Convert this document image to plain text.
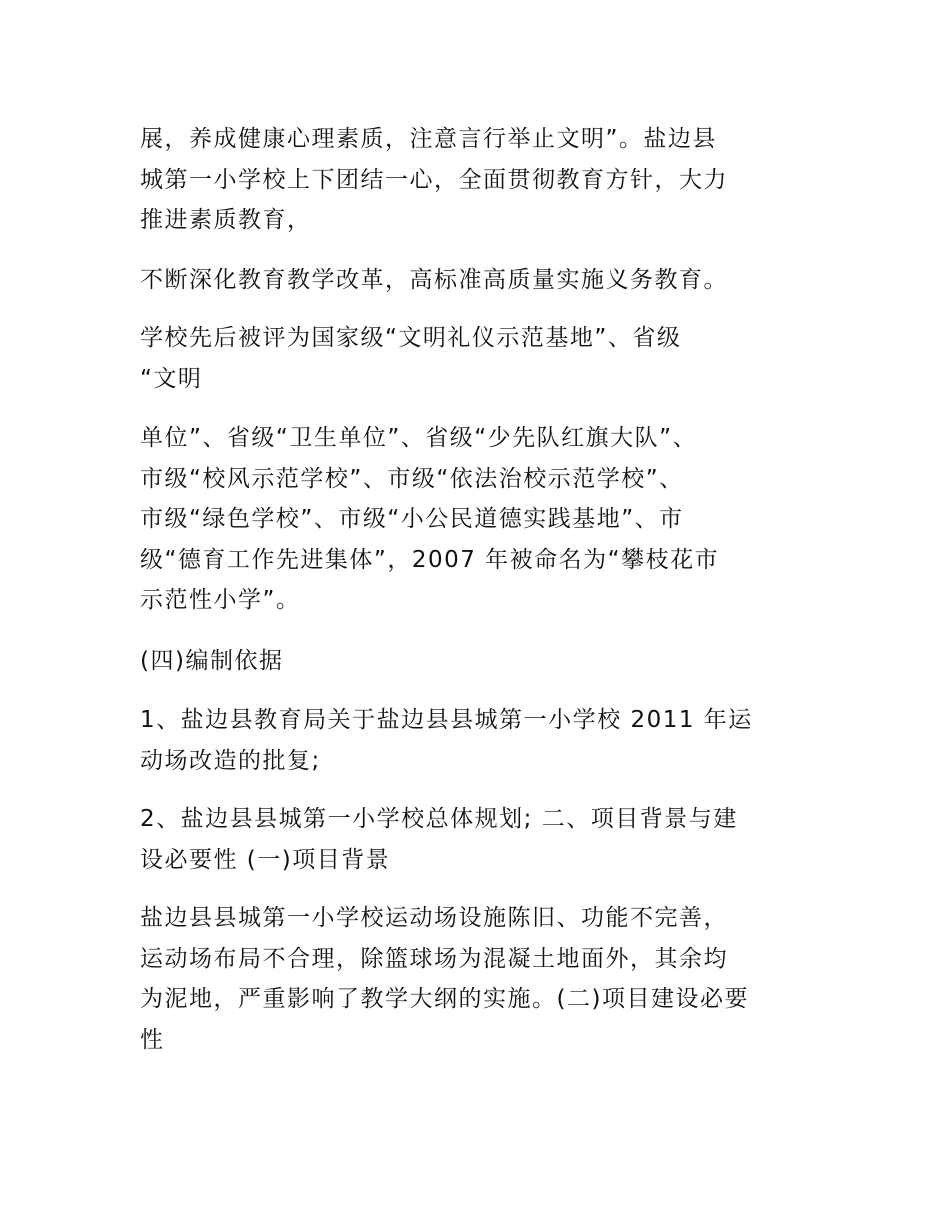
展，养成健康心理素质，注意言行举止文明”。盐边县
城第一小学校上下团结一心，全面贯彻教育方针，大力
推进素质教育，
不断深化教育教学改革，高标准高质量实施义务教育。
学校先后被评为国家级“文明礼仪示范基地”、省级
“文明
单位”、省级“卫生单位”、省级“少先队红旗大队”、
市级“校风示范学校”、市级“依法治校示范学校”、
市级“绿色学校”、市级“小公民道德实践基地”、市
级“德育工作先进集体”，2007 年被命名为“攀枝花市
示范性小学”。
(四)编制依据
1、盐边县教育局关于盐边县县城第一小学校 2011 年运
动场改造的批复;
2、盐边县县城第一小学校总体规划; 二、项目背景与建
设必要性 (一)项目背景
盐边县县城第一小学校运动场设施陈旧、功能不完善，
运动场布局不合理，除篮球场为混凝土地面外，其余均
为泥地，严重影响了教学大纲的实施。(二)项目建设必要
性
